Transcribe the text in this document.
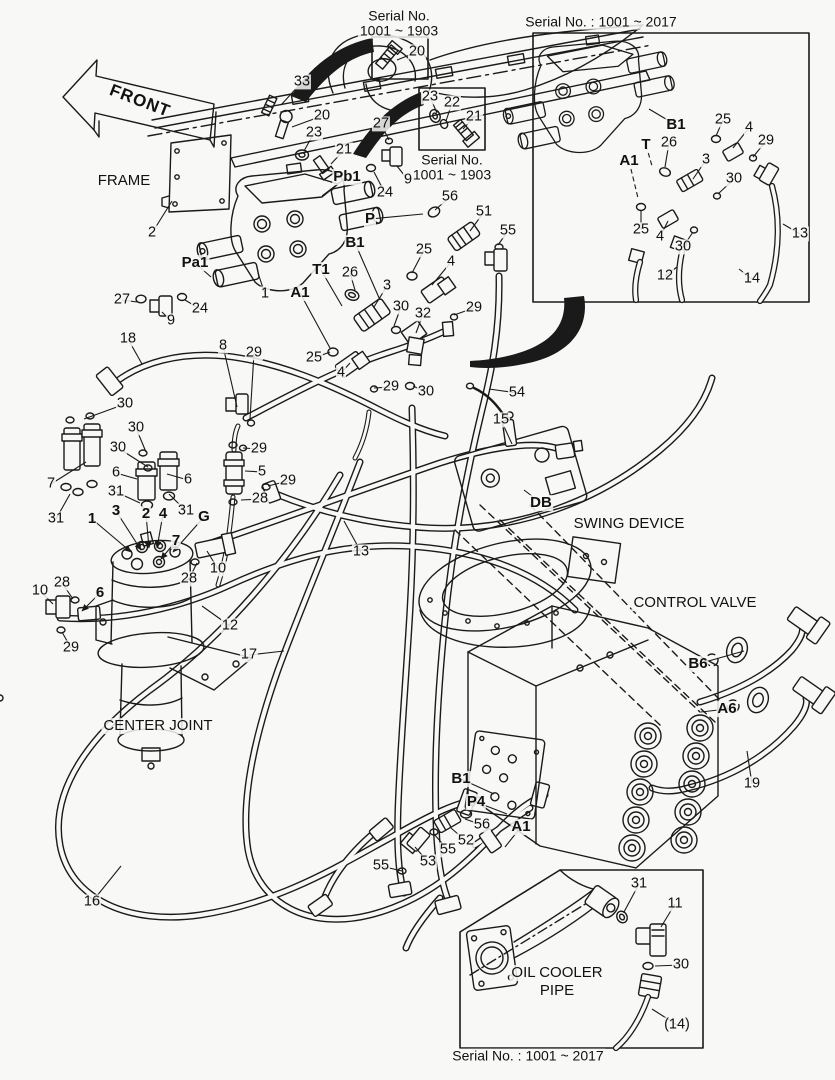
FRONT
FRAME
CENTER JOINT
SWING DEVICE
CONTROL VALVE
OIL COOLER
PIPE
Serial No.
1001 ~ 1903
Serial No.
1001 ~ 1903
Serial No. : 1001 ~ 2017
Serial No. : 1001 ~ 2017
33
20
23
21
27
9
Pb1
24
2
Pa1
27
9
24
1 A1
T1 26
P
B1
56
51
55
25
4
3
30 32 29
25
4
29 30	54
15
18	8 29
30
30
30
6	6
7
31
31
31
1 3 2 4 G
7
29
5
28
29
28
10
10 28
6
29
12
17
16
13
DB
B6
A6
19
B1
P4
56 A1
52
55
53
55
B1 25 4
29
T 26
3
30
A1
25 4
30
13
12	14
20
23 22
21
31
11
30
(14)
